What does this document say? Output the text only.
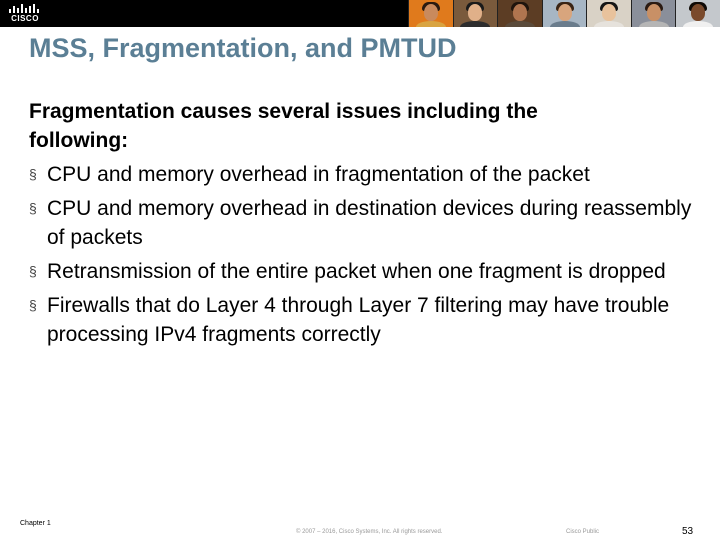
CISCO
MSS, Fragmentation, and PMTUD

Fragmentation causes several issues including the following:

§ CPU and memory overhead in fragmentation of the packet
§ CPU and memory overhead in destination devices during reassembly of packets
§ Retransmission of the entire packet when one fragment is dropped
§ Firewalls that do Layer 4 through Layer 7 filtering may have trouble processing IPv4 fragments correctly
Chapter 1
© 2007 – 2016, Cisco Systems, Inc. All rights reserved.	Cisco Public	53
